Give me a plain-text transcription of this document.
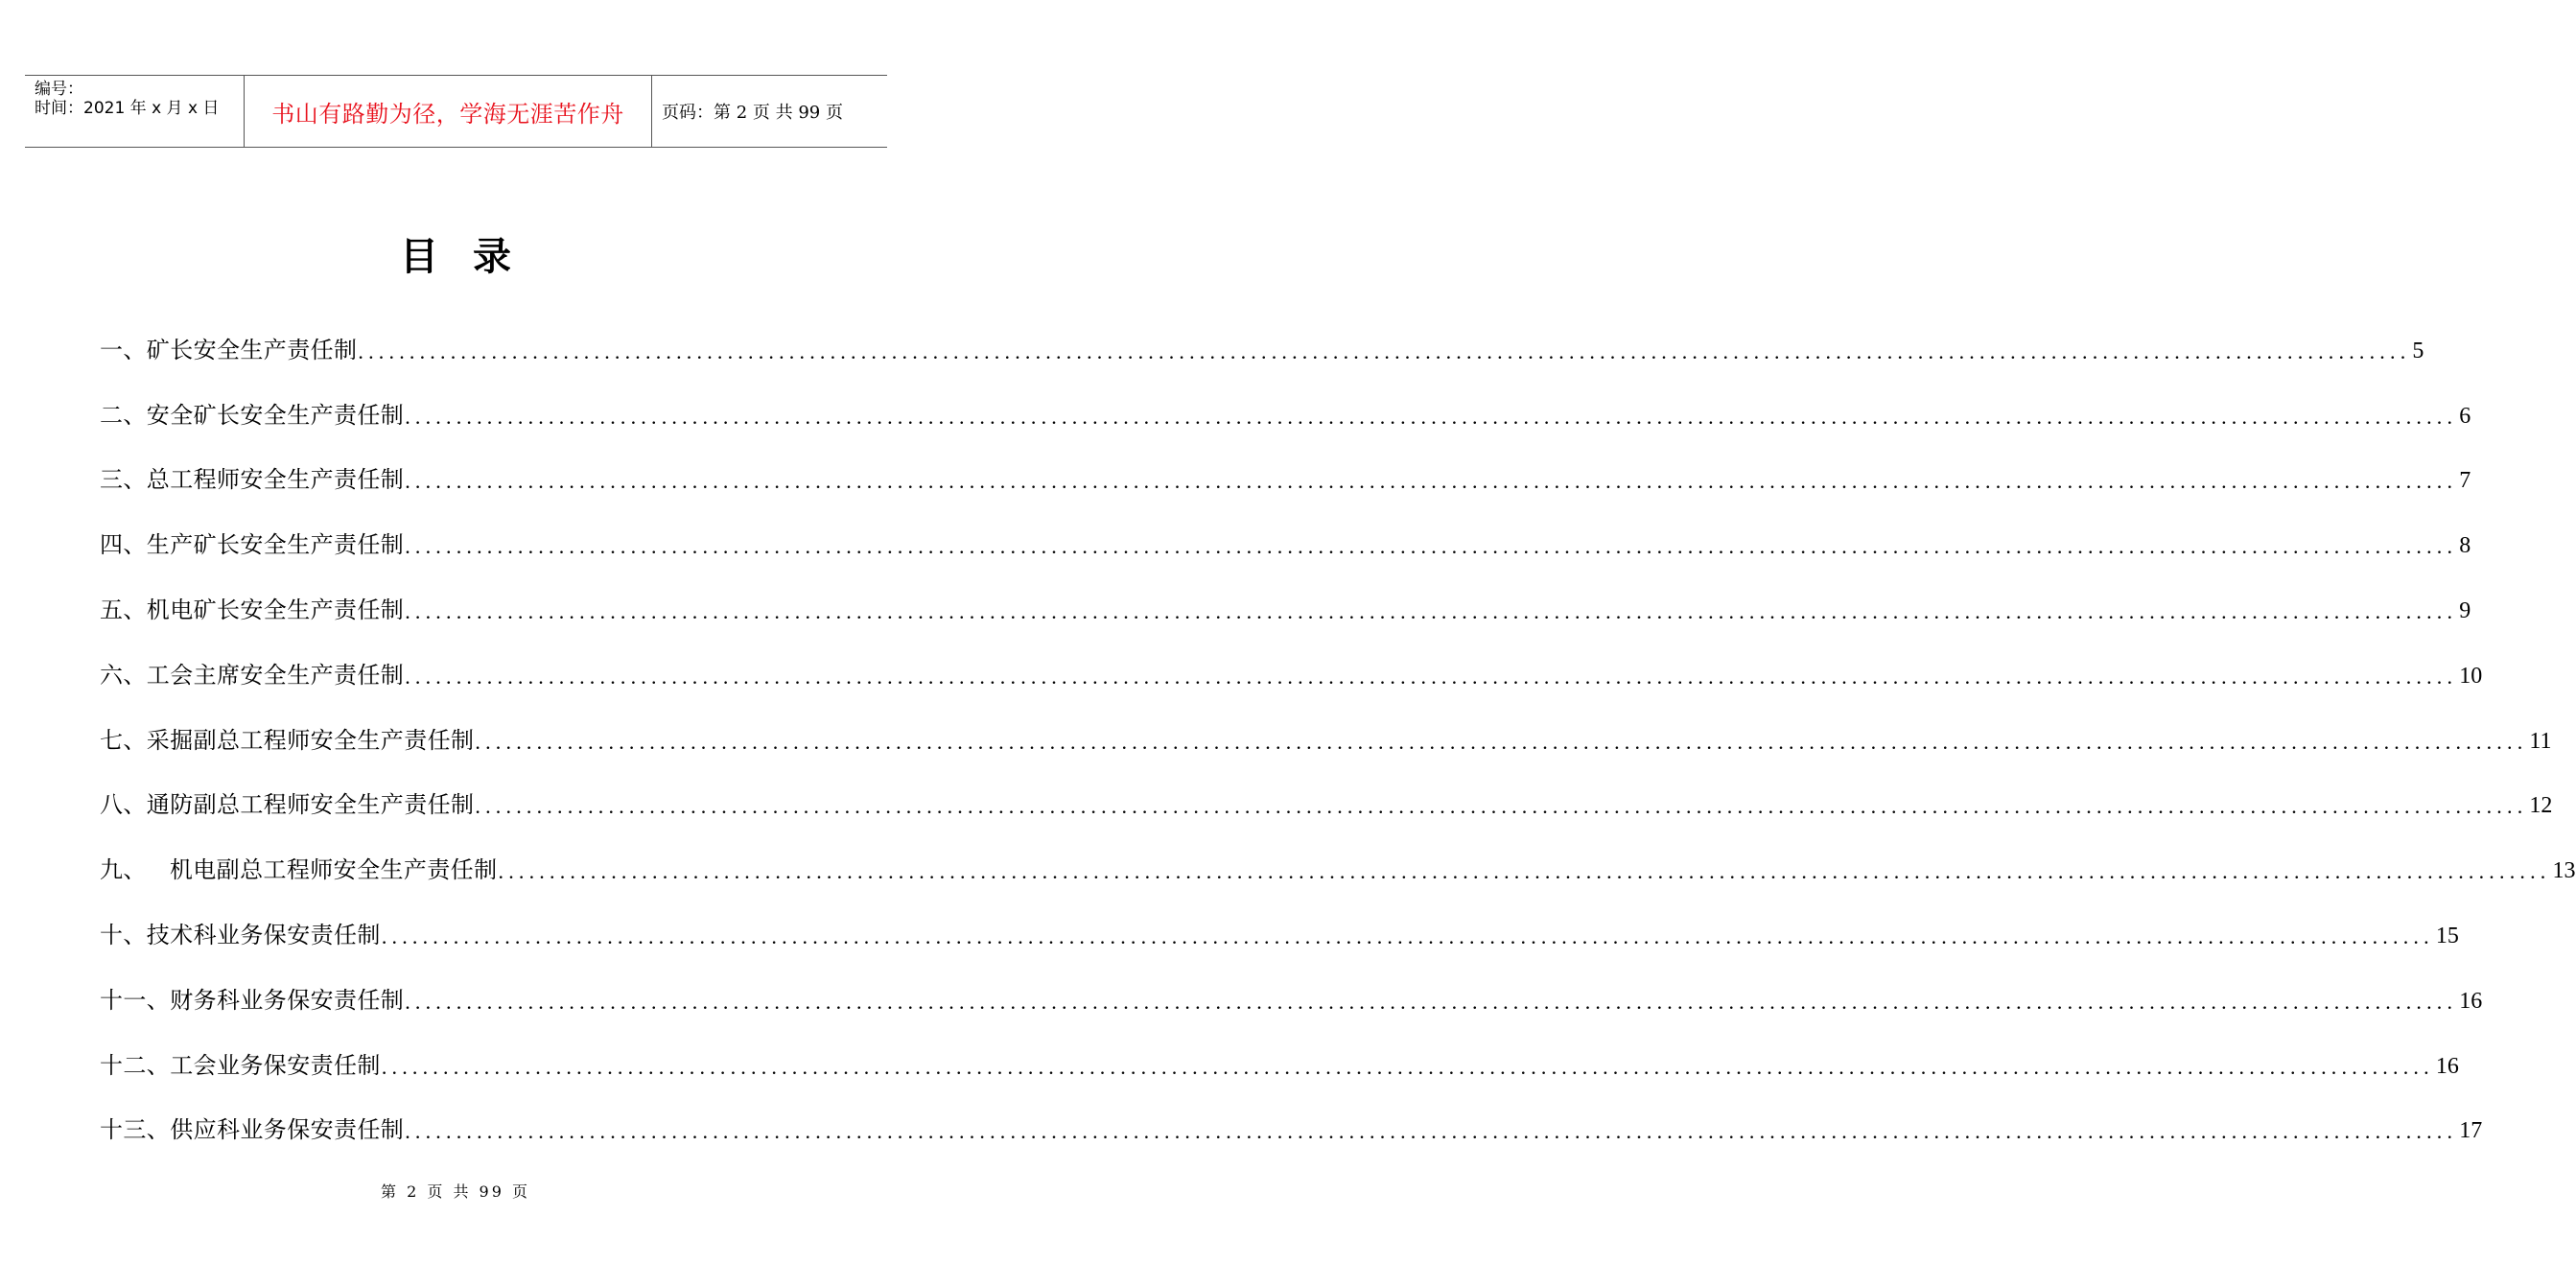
编号：
时间：2021 年 x 月 x 日 书山有路勤为径，学海无涯苦作舟 页码：第 2 页 共 99 页
目录
一、矿长安全生产责任制 ........................................................................................................................................................................................................ 5
二、安全矿长安全生产责任制 ........................................................................................................................................................................................................ 6
三、总工程师安全生产责任制 ........................................................................................................................................................................................................ 7
四、生产矿长安全生产责任制 ........................................................................................................................................................................................................ 8
五、机电矿长安全生产责任制 ........................................................................................................................................................................................................ 9
六、工会主席安全生产责任制 ........................................................................................................................................................................................................ 10
七、采掘副总工程师安全生产责任制 ........................................................................................................................................................................................................ 11
八、通防副总工程师安全生产责任制 ........................................................................................................................................................................................................ 12
九、   机电副总工程师安全生产责任制 ........................................................................................................................................................................................................ 13
十、技术科业务保安责任制 ........................................................................................................................................................................................................ 15
十一、财务科业务保安责任制 ........................................................................................................................................................................................................ 16
十二、工会业务保安责任制 ........................................................................................................................................................................................................ 16
十三、供应科业务保安责任制 ........................................................................................................................................................................................................ 17
第 2 页 共 99 页
